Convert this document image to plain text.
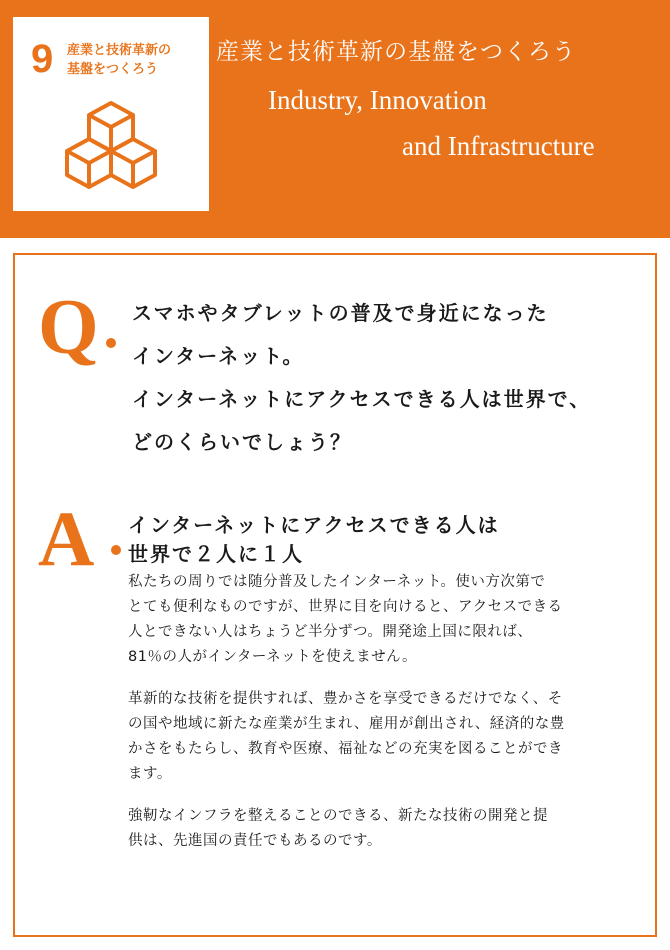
9 産業と技術革新の
基盤をつくろう
産業と技術革新の基盤をつくろう
Industry, Innovation
and Infrastructure
Q スマホやタブレットの普及で身近になった
インターネット。
インターネットにアクセスできる人は世界で、
どのくらいでしょう？
A インターネットにアクセスできる人は
世界で２人に１人
私たちの周りでは随分普及したインターネット。使い方次第で
とても便利なものですが、世界に目を向けると、アクセスできる
人とできない人はちょうど半分ずつ。開発途上国に限れば、
81％の人がインターネットを使えません。
革新的な技術を提供すれば、豊かさを享受できるだけでなく、そ
の国や地域に新たな産業が生まれ、雇用が創出され、経済的な豊
かさをもたらし、教育や医療、福祉などの充実を図ることができ
ます。
強靭なインフラを整えることのできる、新たな技術の開発と提
供は、先進国の責任でもあるのです。
